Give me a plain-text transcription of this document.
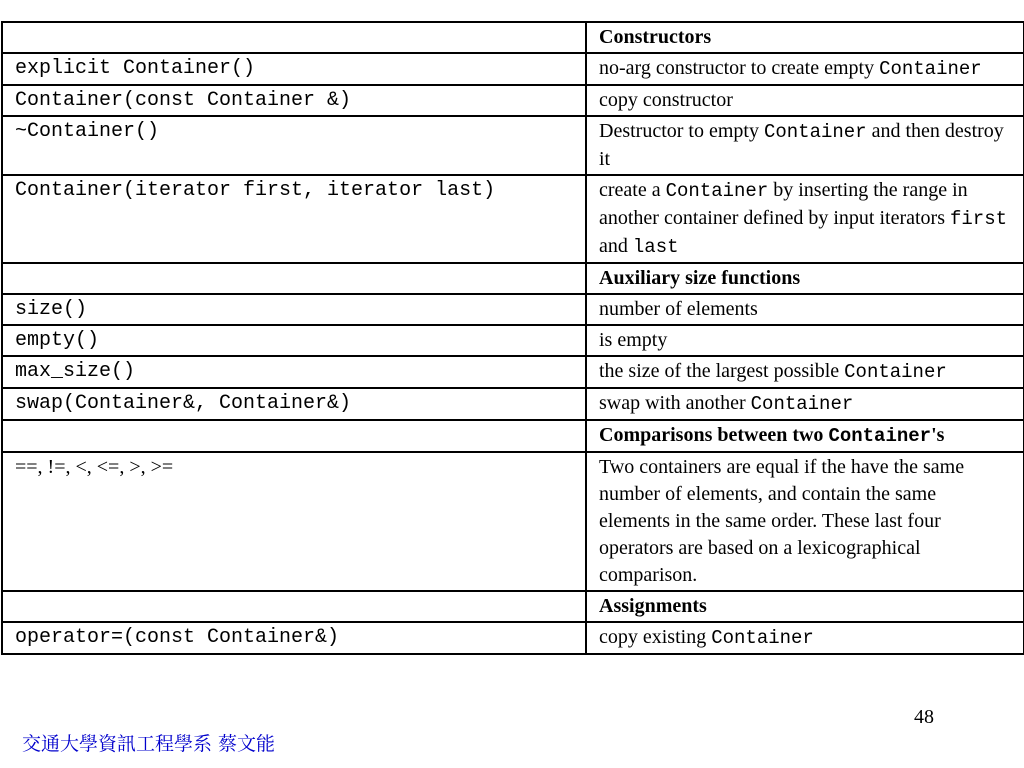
	Constructors
explicit Container()	no-arg constructor to create empty Container
Container(const Container &)	copy constructor
~Container()	Destructor to empty Container and then destroy it
Container(iterator first, iterator last)	create a Container by inserting the range in another container defined by input iterators first and last
	Auxiliary size functions
size()	number of elements
empty()	is empty
max_size()	the size of the largest possible Container
swap(Container&, Container&)	swap with another Container
	Comparisons between two Container's
==, !=, <, <=, >, >=	Two containers are equal if the have the same number of elements, and contain the same elements in the same order. These last four operators are based on a lexicographical comparison.
	Assignments
operator=(const Container&)	copy existing Container
48
交通大學資訊工程學系 蔡文能
